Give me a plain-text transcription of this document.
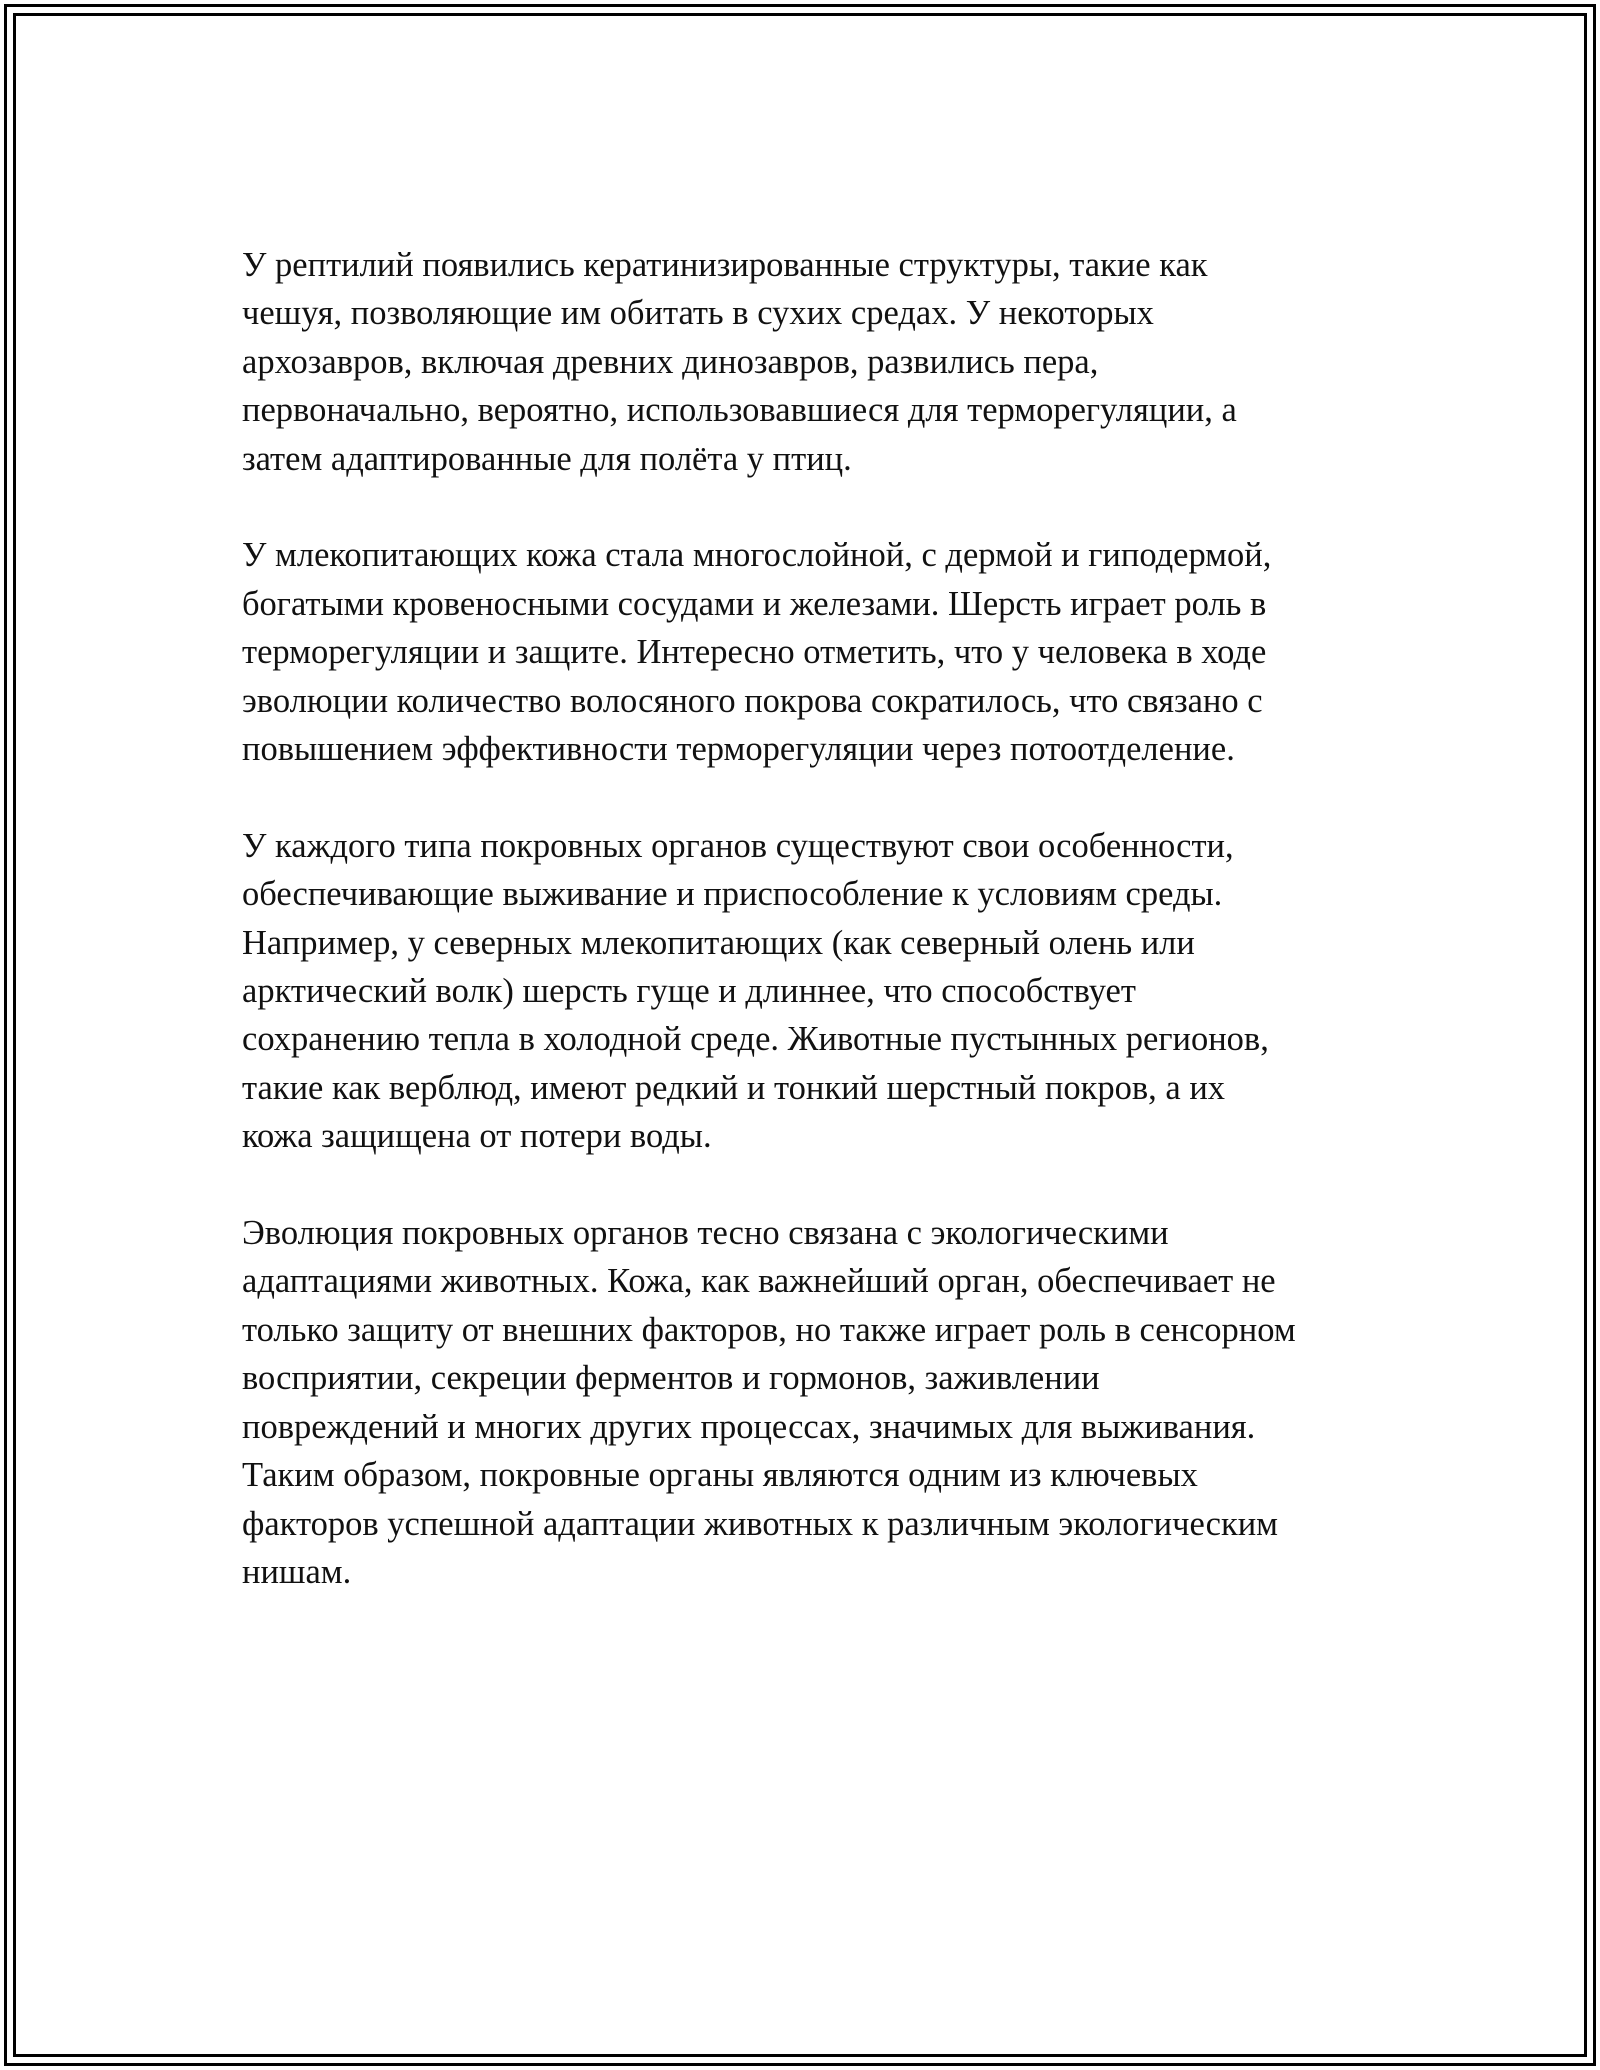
У рептилий появились кератинизированные структуры, такие как
чешуя, позволяющие им обитать в сухих средах. У некоторых
архозавров, включая древних динозавров, развились пера,
первоначально, вероятно, использовавшиеся для терморегуляции, а
затем адаптированные для полёта у птиц.

У млекопитающих кожа стала многослойной, с дермой и гиподермой,
богатыми кровеносными сосудами и железами. Шерсть играет роль в
терморегуляции и защите. Интересно отметить, что у человека в ходе
эволюции количество волосяного покрова сократилось, что связано с
повышением эффективности терморегуляции через потоотделение.

У каждого типа покровных органов существуют свои особенности,
обеспечивающие выживание и приспособление к условиям среды.
Например, у северных млекопитающих (как северный олень или
арктический волк) шерсть гуще и длиннее, что способствует
сохранению тепла в холодной среде. Животные пустынных регионов,
такие как верблюд, имеют редкий и тонкий шерстный покров, а их
кожа защищена от потери воды.

Эволюция покровных органов тесно связана с экологическими
адаптациями животных. Кожа, как важнейший орган, обеспечивает не
только защиту от внешних факторов, но также играет роль в сенсорном
восприятии, секреции ферментов и гормонов, заживлении
повреждений и многих других процессах, значимых для выживания.
Таким образом, покровные органы являются одним из ключевых
факторов успешной адаптации животных к различным экологическим
нишам.
